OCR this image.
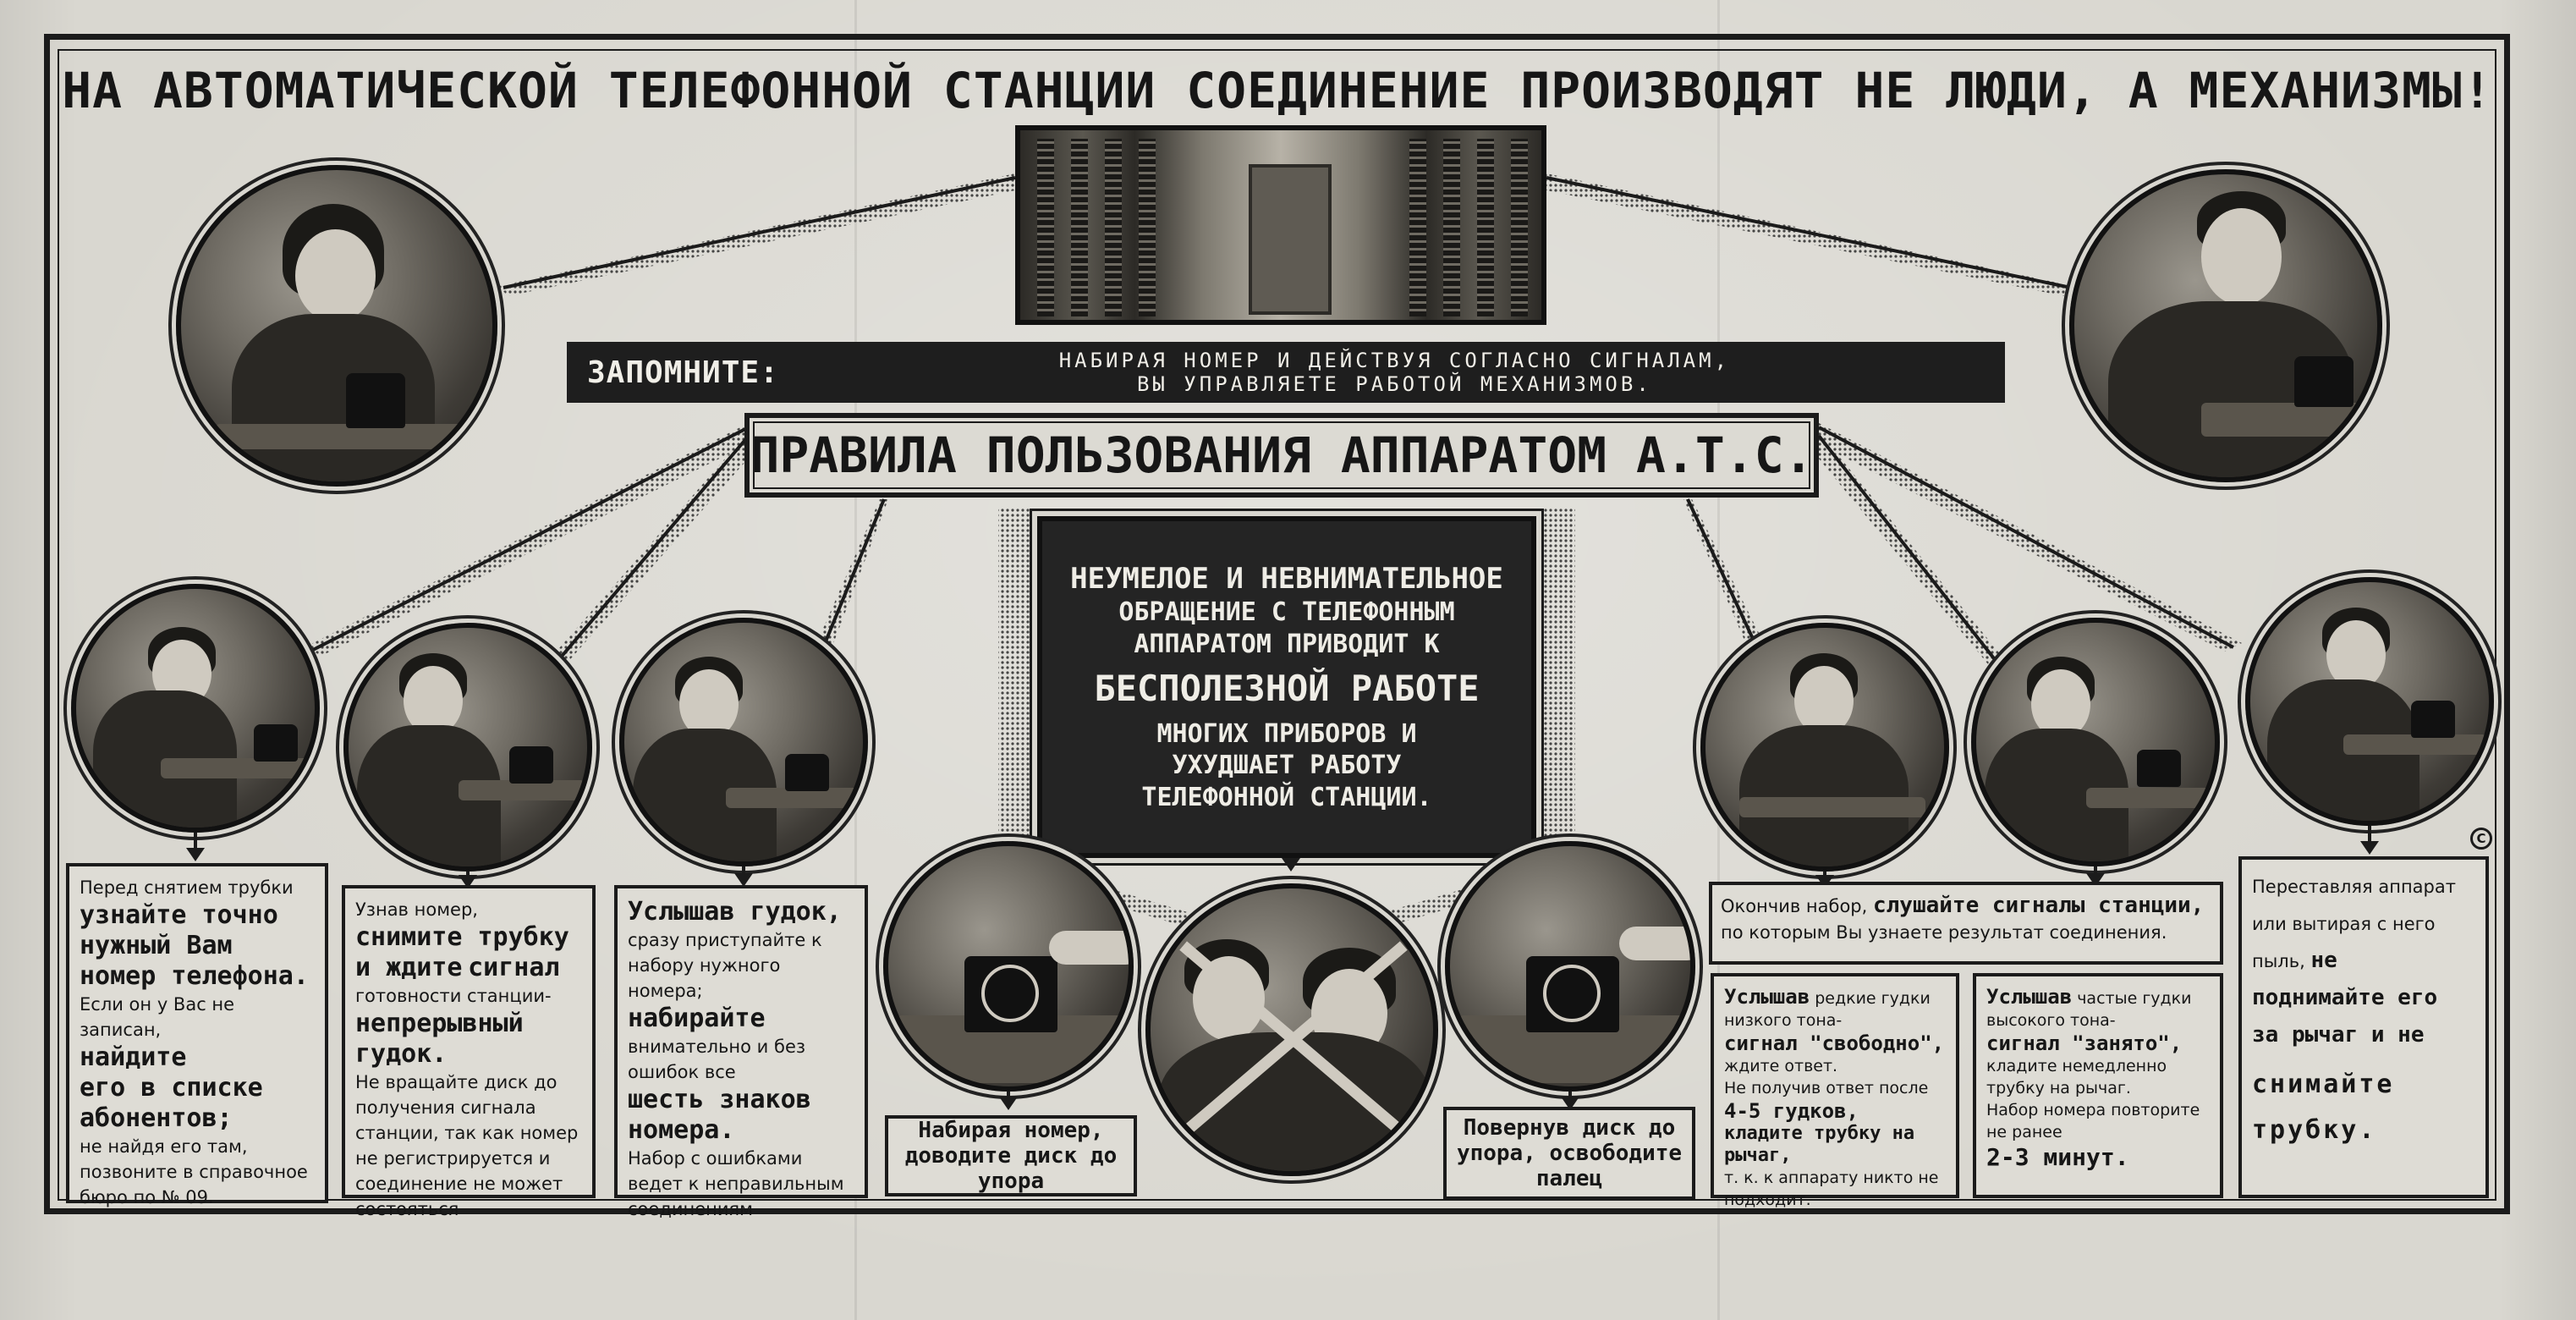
НА АВТОМАТИЧЕСКОЙ ТЕЛЕФОННОЙ СТАНЦИИ СОЕДИНЕНИЕ ПРОИЗВОДЯТ НЕ ЛЮДИ, А МЕХАНИЗМЫ!
ЗАПОМНИТЕ:	НАБИРАЯ НОМЕР И ДЕЙСТВУЯ СОГЛАСНО СИГНАЛАМ,
ВЫ УПРАВЛЯЕТЕ РАБОТОЙ МЕХАНИЗМОВ.
ПРАВИЛА ПОЛЬЗОВАНИЯ АППАРАТОМ А.Т.С.
НЕУМЕЛОЕ И НЕВНИМАТЕЛЬНОЕ
ОБРАЩЕНИЕ С ТЕЛЕФОННЫМ
АППАРАТОМ ПРИВОДИТ К
БЕСПОЛЕЗНОЙ РАБОТЕ
МНОГИХ ПРИБОРОВ И
УХУДШАЕТ РАБОТУ
ТЕЛЕФОННОЙ СТАНЦИИ.
Перед снятием трубки
узнайте точно
нужный Вам
номер телефона.
Если он у Вас не записан,
найдите
его в списке
абонентов;
не найдя его там, позвоните в справочное бюро по № 09.
Узнав номер,
снимите трубку
и ждите сигнал
готовности станции-
непрерывный гудок.
Не вращайте диск до получения сигнала станции, так как номер не регистрируется и соединение не может состояться
Услышав гудок,
сразу приступайте к набору нужного номера;
набирайте
внимательно и без ошибок все
шесть знаков номера.
Набор с ошибками ведет к неправильным соединениям
Набирая номер, доводите диск до упора
Повернув диск до упора, освободите палец
Окончив набор, слушайте сигналы станции,
по которым Вы узнаете результат соединения.
Услышав редкие гудки низкого тона-
сигнал "свободно",
ждите ответ.
Не получив ответ после
4-5 гудков,
кладите трубку на рычаг,
т. к. к аппарату никто не подходит.
Услышав частые гудки высокого тона-
сигнал "занято",
кладите немедленно трубку на рычаг.
Набор номера повторите не ранее
2-3 минут.
Переставляя аппарат
или вытирая с него
пыль, не поднимайте его за рычаг и не
снимайте
трубку.
C
